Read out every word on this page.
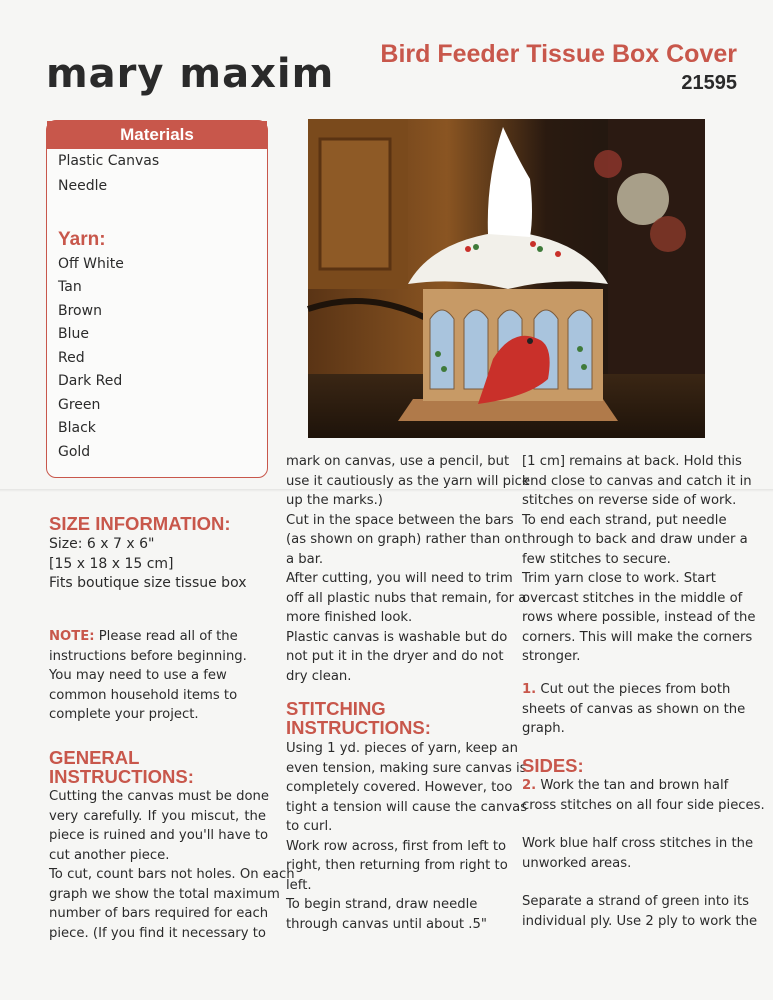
mary maxim Bird Feeder Tissue Box Cover
21595
Materials
Plastic Canvas
Needle
Yarn:
Off White
Tan
Brown
Blue
Red
Dark Red
Green
Black
Gold
SIZE INFORMATION:
Size: 6 x 7 x 6"
[15 x 18 x 15 cm]
Fits boutique size tissue box
NOTE: Please read all of the
instructions before beginning.
You may need to use a few
common household items to
complete your project.
GENERAL
INSTRUCTIONS:
Cutting the canvas must be done
very carefully. If you miscut, the
piece is ruined and you'll have to
cut another piece.
To cut, count bars not holes. On each
graph we show the total maximum
number of bars required for each
piece. (If you find it necessary to
mark on canvas, use a pencil, but
use it cautiously as the yarn will pick
up the marks.)
Cut in the space between the bars
(as shown on graph) rather than on
a bar.
After cutting, you will need to trim
off all plastic nubs that remain, for a
more finished look.
Plastic canvas is washable but do
not put it in the dryer and do not
dry clean.
STITCHING
INSTRUCTIONS:
Using 1 yd. pieces of yarn, keep an
even tension, making sure canvas is
completely covered. However, too
tight a tension will cause the canvas
to curl.
Work row across, first from left to
right, then returning from right to
left.
To begin strand, draw needle
through canvas until about .5"
[1 cm] remains at back. Hold this
end close to canvas and catch it in
stitches on reverse side of work.
To end each strand, put needle
through to back and draw under a
few stitches to secure.
Trim yarn close to work. Start
overcast stitches in the middle of
rows where possible, instead of the
corners. This will make the corners
stronger.
1. Cut out the pieces from both
sheets of canvas as shown on the
graph.
SIDES:
2. Work the tan and brown half
cross stitches on all four side pieces.
Work blue half cross stitches in the
unworked areas.
Separate a strand of green into its
individual ply. Use 2 ply to work the
